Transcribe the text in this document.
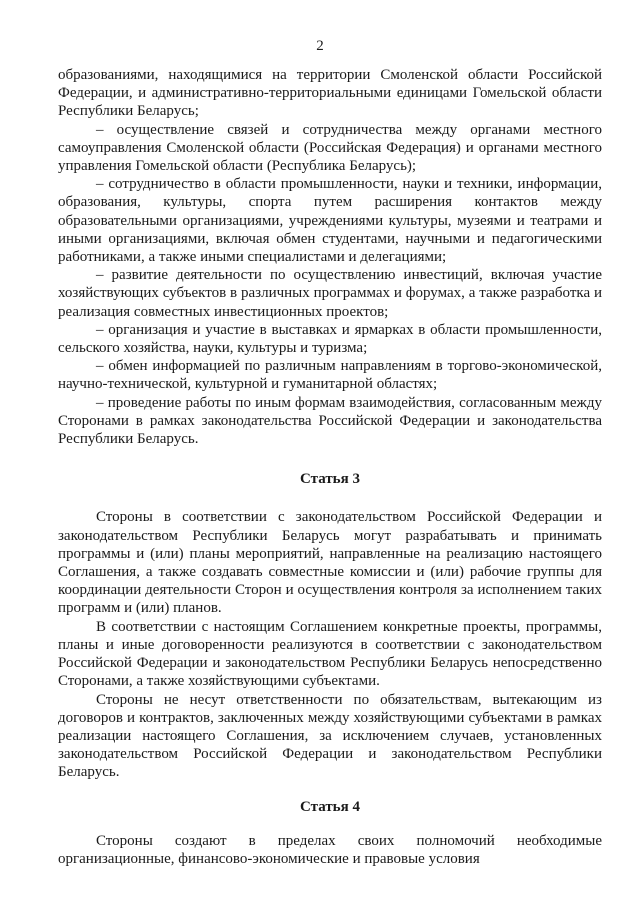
2

образованиями, находящимися на территории Смоленской области Российской Федерации, и административно-территориальными единицами Гомельской области Республики Беларусь;

– осуществление связей и сотрудничества между органами местного самоуправления Смоленской области (Российская Федерация) и органами местного управления Гомельской области (Республика Беларусь);

– сотрудничество в области промышленности, науки и техники, информации, образования, культуры, спорта путем расширения контактов между образовательными организациями, учреждениями культуры, музеями и театрами и иными организациями, включая обмен студентами, научными и педагогическими работниками, а также иными специалистами и делегациями;

– развитие деятельности по осуществлению инвестиций, включая участие хозяйствующих субъектов в различных программах и форумах, а также разработка и реализация совместных инвестиционных проектов;

– организация и участие в выставках и ярмарках в области промышленности, сельского хозяйства, науки, культуры и туризма;

– обмен информацией по различным направлениям в торгово-экономической, научно-технической, культурной и гуманитарной областях;

– проведение работы по иным формам взаимодействия, согласованным между Сторонами в рамках законодательства Российской Федерации и законодательства Республики Беларусь.

Статья 3

Стороны в соответствии с законодательством Российской Федерации и законодательством Республики Беларусь могут разрабатывать и принимать программы и (или) планы мероприятий, направленные на реализацию настоящего Соглашения, а также создавать совместные комиссии и (или) рабочие группы для координации деятельности Сторон и осуществления контроля за исполнением таких программ и (или) планов.

В соответствии с настоящим Соглашением конкретные проекты, программы, планы и иные договоренности реализуются в соответствии с законодательством Российской Федерации и законодательством Республики Беларусь непосредственно Сторонами, а также хозяйствующими субъектами.

Стороны не несут ответственности по обязательствам, вытекающим из договоров и контрактов, заключенных между хозяйствующими субъектами в рамках реализации настоящего Соглашения, за исключением случаев, установленных законодательством Российской Федерации и законодательством Республики Беларусь.

Статья 4

Стороны создают в пределах своих полномочий необходимые организационные, финансово-экономические и правовые условия
